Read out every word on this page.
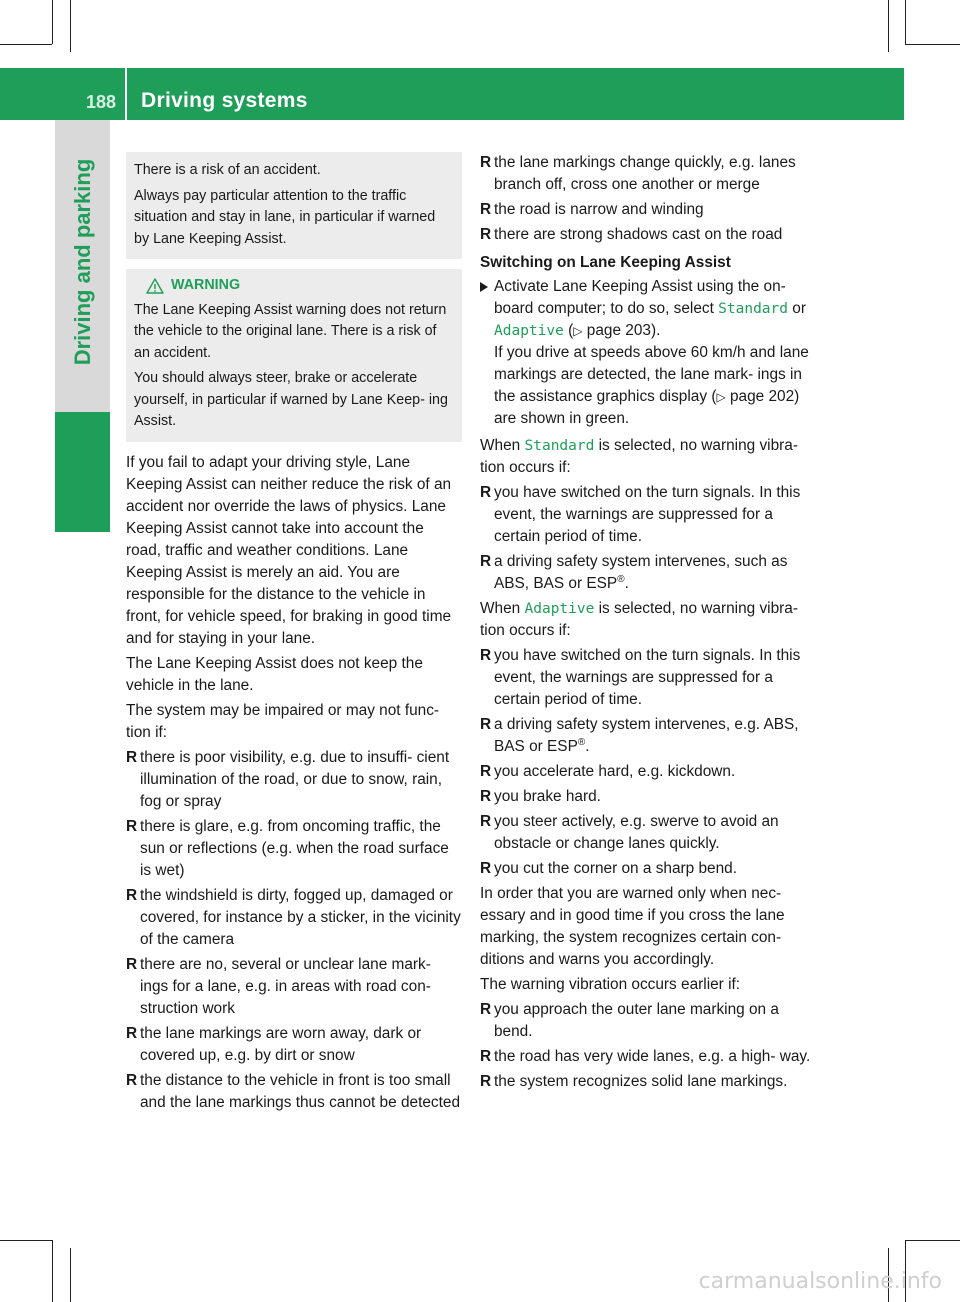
188 Driving systems
Driving and parking	There is a risk of an accident.

Always pay particular attention to the traffic situation and stay in lane, in particular if warned by Lane Keeping Assist.

WARNING

The Lane Keeping Assist warning does not return the vehicle to the original lane. There is a risk of an accident.

You should always steer, brake or accelerate yourself, in particular if warned by Lane Keep- ing Assist.

If you fail to adapt your driving style, Lane Keeping Assist can neither reduce the risk of an accident nor override the laws of physics. Lane Keeping Assist cannot take into account the road, traffic and weather conditions. Lane Keeping Assist is merely an aid. You are responsible for the distance to the vehicle in front, for vehicle speed, for braking in good time and for staying in your lane.

The Lane Keeping Assist does not keep the vehicle in the lane.

The system may be impaired or may not func- tion if:

R there is poor visibility, e.g. due to insuffi- cient illumination of the road, or due to snow, rain, fog or spray
R there is glare, e.g. from oncoming traffic, the sun or reflections (e.g. when the road surface is wet)
R the windshield is dirty, fogged up, damaged or covered, for instance by a sticker, in the vicinity of the camera
R there are no, several or unclear lane mark- ings for a lane, e.g. in areas with road con- struction work
R the lane markings are worn away, dark or covered up, e.g. by dirt or snow
R the distance to the vehicle in front is too small and the lane markings thus cannot be detected
R the lane markings change quickly, e.g. lanes branch off, cross one another or merge
R the road is narrow and winding
R there are strong shadows cast on the road
Switching on Lane Keeping Assist
Activate Lane Keeping Assist using the on- board computer; to do so, select Standard or Adaptive (▷ page 203).
If you drive at speeds above 60 km/h and lane markings are detected, the lane mark- ings in the assistance graphics display (▷ page 202) are shown in green.

When Standard is selected, no warning vibra- tion occurs if:

R you have switched on the turn signals. In this event, the warnings are suppressed for a certain period of time.
R a driving safety system intervenes, such as ABS, BAS or ESP®.

When Adaptive is selected, no warning vibra- tion occurs if:

R you have switched on the turn signals. In this event, the warnings are suppressed for a certain period of time.
R a driving safety system intervenes, e.g. ABS, BAS or ESP®.
R you accelerate hard, e.g. kickdown.
R you brake hard.
R you steer actively, e.g. swerve to avoid an obstacle or change lanes quickly.
R you cut the corner on a sharp bend.

In order that you are warned only when nec- essary and in good time if you cross the lane marking, the system recognizes certain con- ditions and warns you accordingly.

The warning vibration occurs earlier if:

R you approach the outer lane marking on a bend.
R the road has very wide lanes, e.g. a high- way.
R the system recognizes solid lane markings.
carmanualsonline.info
